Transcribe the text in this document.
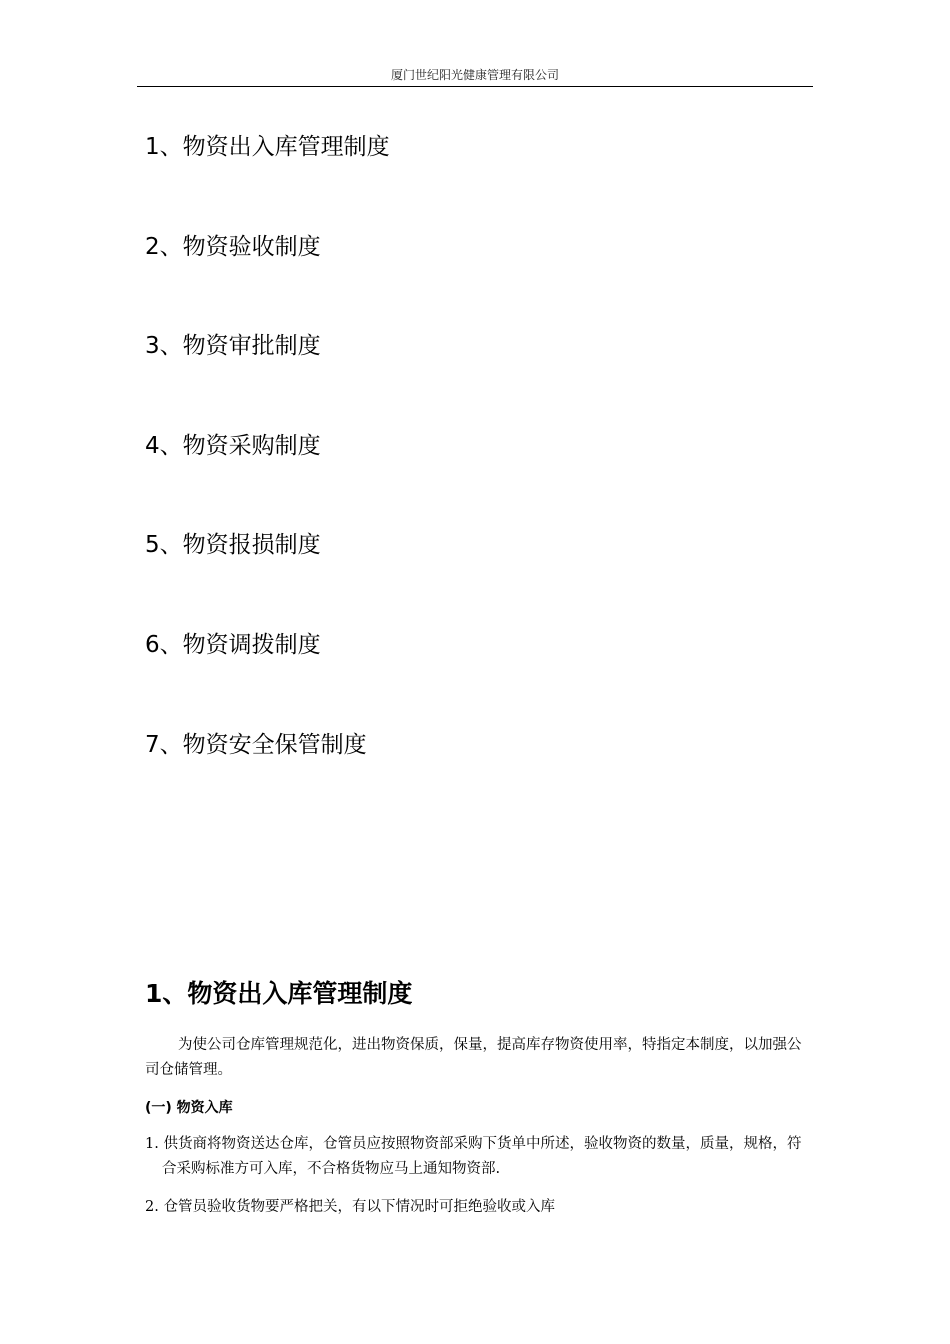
厦门世纪阳光健康管理有限公司
1、物资出入库管理制度
2、物资验收制度
3、物资审批制度
4、物资采购制度
5、物资报损制度
6、物资调拨制度
7、物资安全保管制度
1、物资出入库管理制度

为使公司仓库管理规范化，进出物资保质，保量，提高库存物资使用率，特指定本制度，以加强公司仓储管理。

(一) 物资入库

1. 供货商将物资送达仓库，仓管员应按照物资部采购下货单中所述，验收物资的数量，质量，规格，符合采购标准方可入库，不合格货物应马上通知物资部.

2. 仓管员验收货物要严格把关，有以下情况时可拒绝验收或入库
